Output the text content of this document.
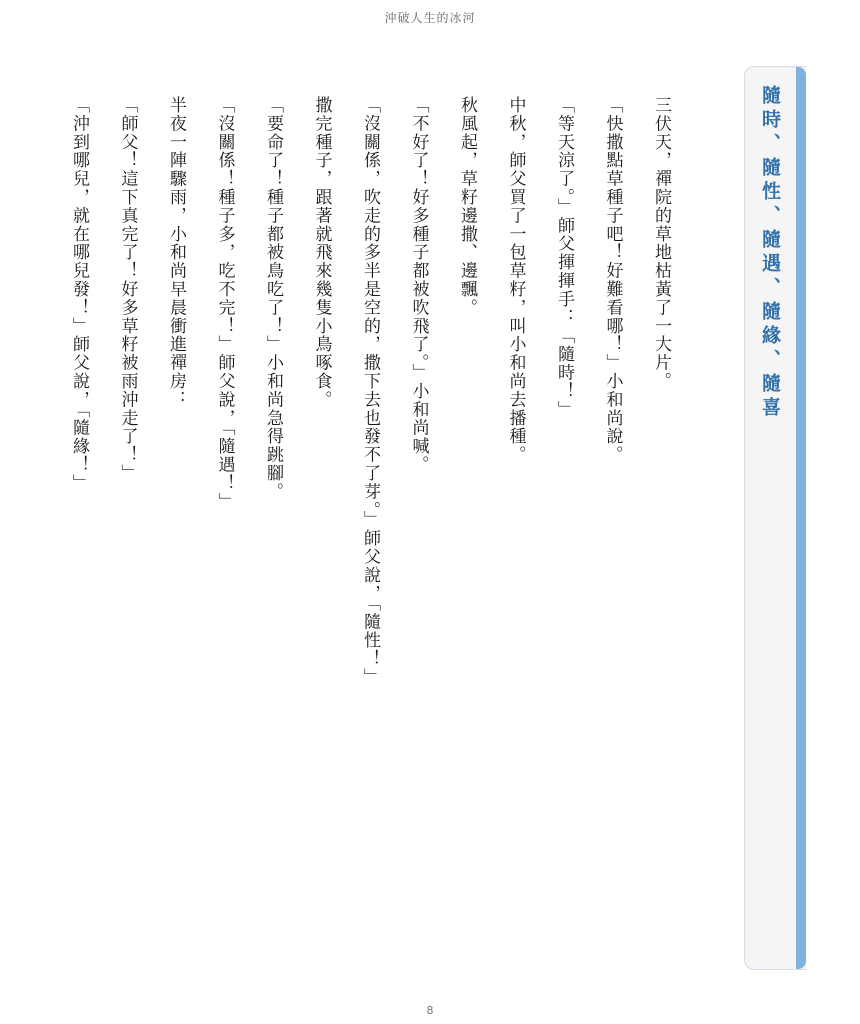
沖破人生的冰河
隨時、隨性、隨遇、隨緣、隨喜

三伏天，禪院的草地枯黃了一大片。

「快撒點草種子吧！好難看哪！」小和尚說。

「等天涼了。」師父揮揮手：「隨時！」

中秋，師父買了一包草籽，叫小和尚去播種。

秋風起，草籽邊撒、邊飄。

「不好了！好多種子都被吹飛了。」小和尚喊。

「沒關係，吹走的多半是空的，撒下去也發不了芽。」師父說，「隨性！」

撒完種子，跟著就飛來幾隻小鳥啄食。

「要命了！種子都被鳥吃了！」小和尚急得跳腳。

「沒關係！種子多，吃不完！」師父說，「隨遇！」

半夜一陣驟雨，小和尚早晨衝進禪房：

「師父！這下真完了！好多草籽被雨沖走了！」

「沖到哪兒，就在哪兒發！」師父說，「隨緣！」

8
